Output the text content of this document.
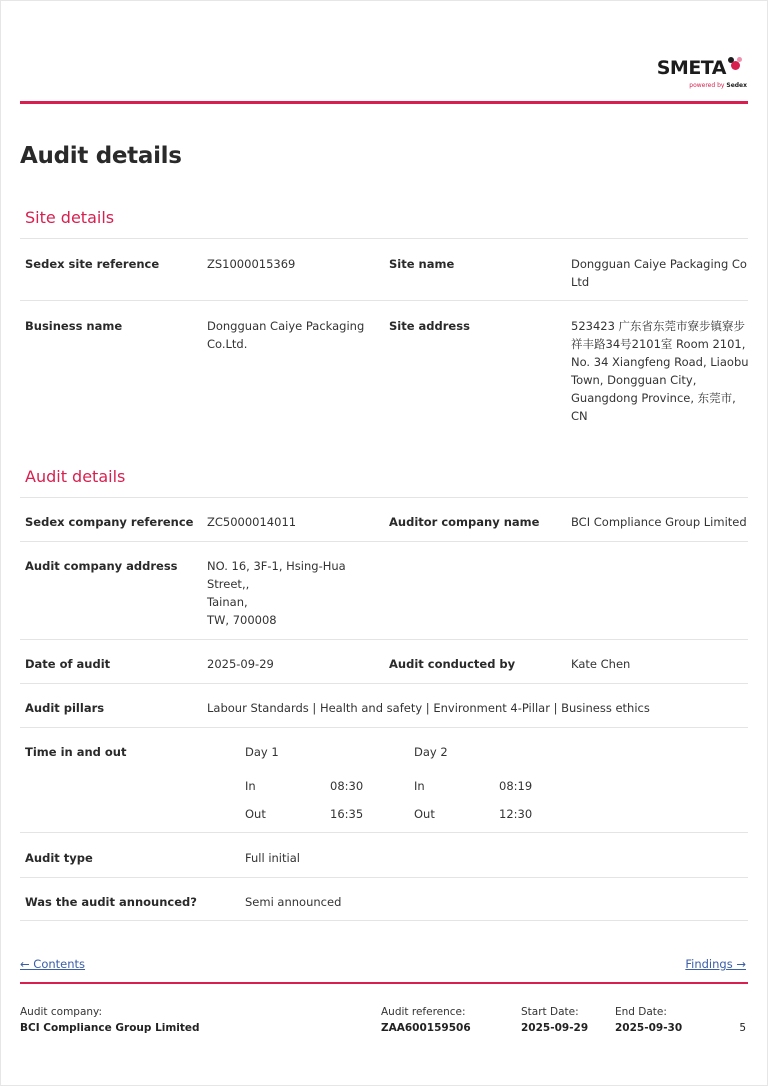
SMETA
powered by Sedex
Audit details
Site details
Sedex site reference	ZS1000015369	Site name	Dongguan Caiye Packaging Co
Ltd
Business name	Dongguan Caiye Packaging
Co.Ltd.
Site address	523423 广东省东莞市寮步镇寮步
祥丰路34号2101室 Room 2101,
No. 34 Xiangfeng Road, Liaobu
Town, Dongguan City,
Guangdong Province, 东莞市,
CN
Audit details
Sedex company reference ZC5000014011	Auditor company name	BCI Compliance Group Limited
Audit company address	NO. 16, 3F-1, Hsing-Hua
Street,,
Tainan,
TW, 700008
Date of audit	2025-09-29	Audit conducted by	Kate Chen
Audit pillars	Labour Standards | Health and safety | Environment 4-Pillar | Business ethics
Time in and out	Day 1
In	08:30
Out	16:35
Day 2
In	08:19
Out	12:30
Audit type	Full initial
Was the audit announced?	Semi announced
← Contents	Findings →
Audit company:
BCI Compliance Group Limited
Audit reference:
ZAA600159506
Start Date:
2025-09-29
End Date:
2025-09-30	5
